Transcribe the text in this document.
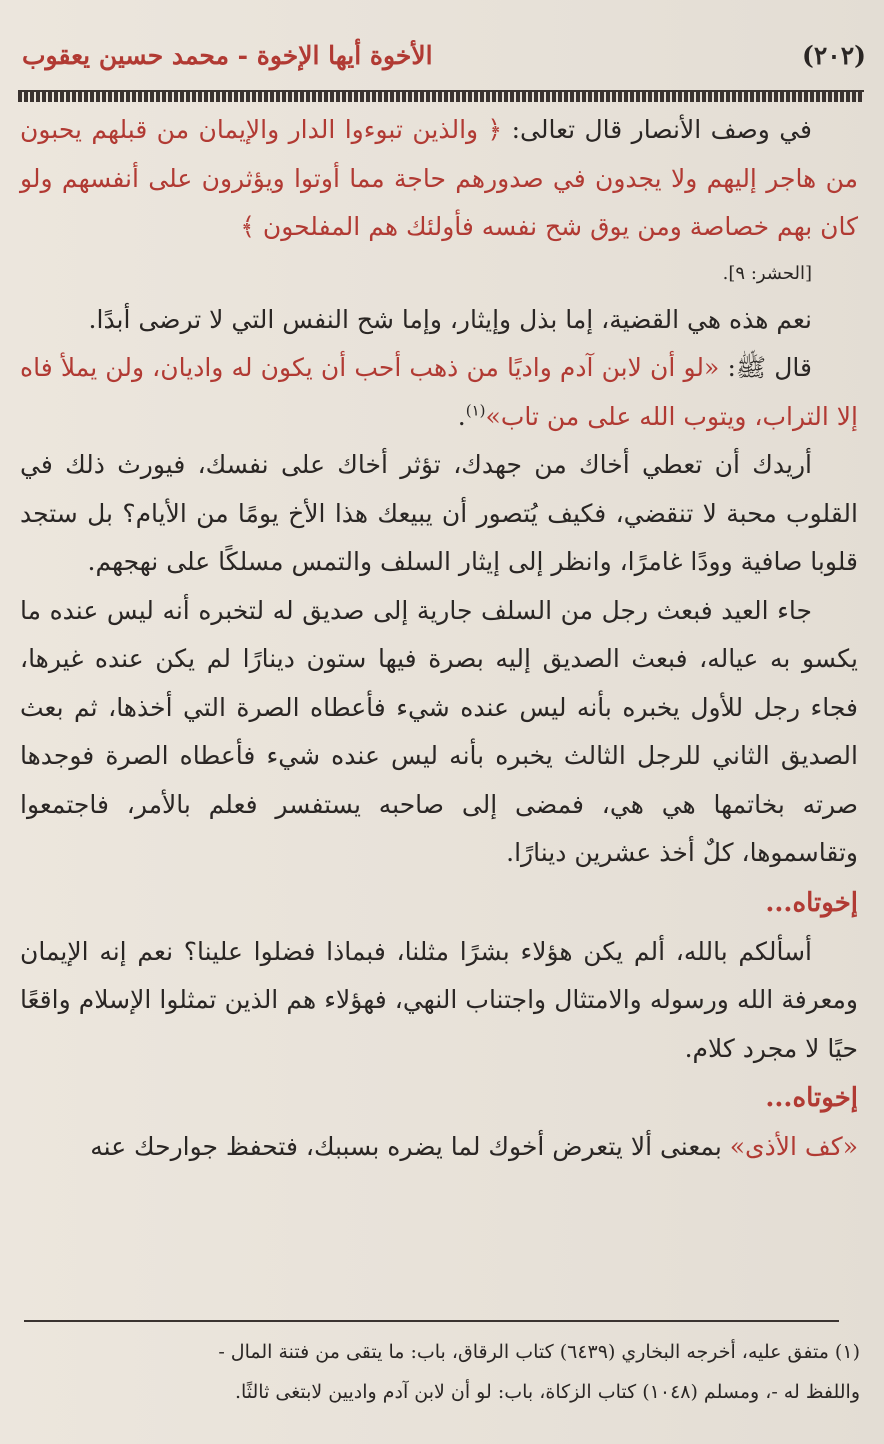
(٢٠٢)
الأخوة أيها الإخوة - محمد حسين يعقوب

في وصف الأنصار قال تعالى: ﴿ والذين تبوءوا الدار والإيمان من قبلهم يحبون من هاجر إليهم ولا يجدون في صدورهم حاجة مما أوتوا ويؤثرون على أنفسهم ولو كان بهم خصاصة ومن يوق شح نفسه فأولئك هم المفلحون ﴾
[الحشر: ٩].

نعم هذه هي القضية، إما بذل وإيثار، وإما شح النفس التي لا ترضى أبدًا.

قال ﷺ: «لو أن لابن آدم واديًا من ذهب أحب أن يكون له واديان، ولن يملأ فاه إلا التراب، ويتوب الله على من تاب»$^{(١)}$.

أريدك أن تعطي أخاك من جهدك، تؤثر أخاك على نفسك، فيورث ذلك في القلوب محبة لا تنقضي، فكيف يُتصور أن يبيعك هذا الأخ يومًا من الأيام؟ بل ستجد قلوبا صافية وودًا غامرًا، وانظر إلى إيثار السلف والتمس مسلكًا على نهجهم.

جاء العيد فبعث رجل من السلف جارية إلى صديق له لتخبره أنه ليس عنده ما يكسو به عياله، فبعث الصديق إليه بصرة فيها ستون دينارًا لم يكن عنده غيرها، فجاء رجل للأول يخبره بأنه ليس عنده شيء فأعطاه الصرة التي أخذها، ثم بعث الصديق الثاني للرجل الثالث يخبره بأنه ليس عنده شيء فأعطاه الصرة فوجدها صرته بخاتمها هي هي، فمضى إلى صاحبه يستفسر فعلم بالأمر، فاجتمعوا وتقاسموها، كلٌ أخذ عشرين دينارًا.

إخوتاه...

أسألكم بالله، ألم يكن هؤلاء بشرًا مثلنا، فبماذا فضلوا علينا؟ نعم إنه الإيمان ومعرفة الله ورسوله والامتثال واجتناب النهي، فهؤلاء هم الذين تمثلوا الإسلام واقعًا حيًا لا مجرد كلام.

إخوتاه...

«كف الأذى» بمعنى ألا يتعرض أخوك لما يضره بسببك، فتحفظ جوارحك عنه

(١) متفق عليه، أخرجه البخاري (٦٤٣٩) كتاب الرقاق، باب: ما يتقى من فتنة المال -

واللفظ له -، ومسلم (١٠٤٨) كتاب الزكاة، باب: لو أن لابن آدم واديين لابتغى ثالثًا.
